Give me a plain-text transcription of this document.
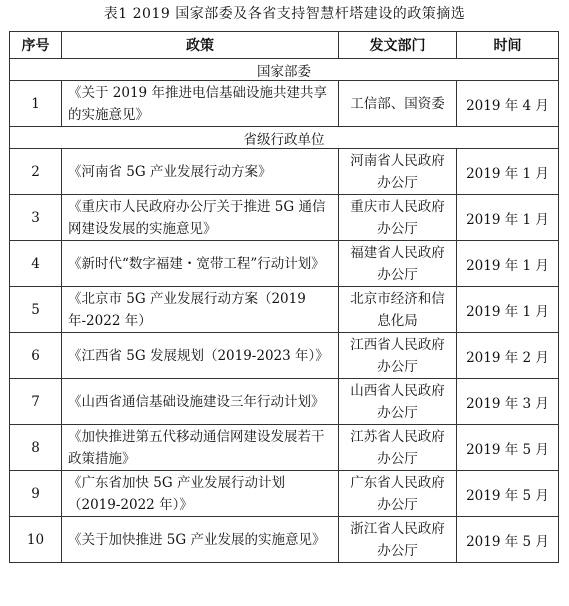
表1 2019 国家部委及各省支持智慧杆塔建设的政策摘选
序号	政策	发文部门	时间
国家部委			
1	《关于 2019 年推进电信基础设施共建共享的实施意见》	工信部、国资委	2019 年 4 月
省级行政单位			
2	《河南省 5G 产业发展行动方案》	河南省人民政府办公厅	2019 年 1 月
3	《重庆市人民政府办公厅关于推进 5G 通信网建设发展的实施意见》	重庆市人民政府办公厅	2019 年 1 月
4	《新时代“数字福建・宽带工程”行动计划》	福建省人民政府办公厅	2019 年 1 月
5	《北京市 5G 产业发展行动方案（2019 年-2022 年）	北京市经济和信息化局	2019 年 1 月
6	《江西省 5G 发展规划（2019-2023 年）》	江西省人民政府办公厅	2019 年 2 月
7	《山西省通信基础设施建设三年行动计划》	山西省人民政府办公厅	2019 年 3 月
8	《加快推进第五代移动通信网建设发展若干政策措施》	江苏省人民政府办公厅	2019 年 5 月
9	《广东省加快 5G 产业发展行动计划（2019-2022 年）》	广东省人民政府办公厅	2019 年 5 月
10	《关于加快推进 5G 产业发展的实施意见》	浙江省人民政府办公厅	2019 年 5 月
